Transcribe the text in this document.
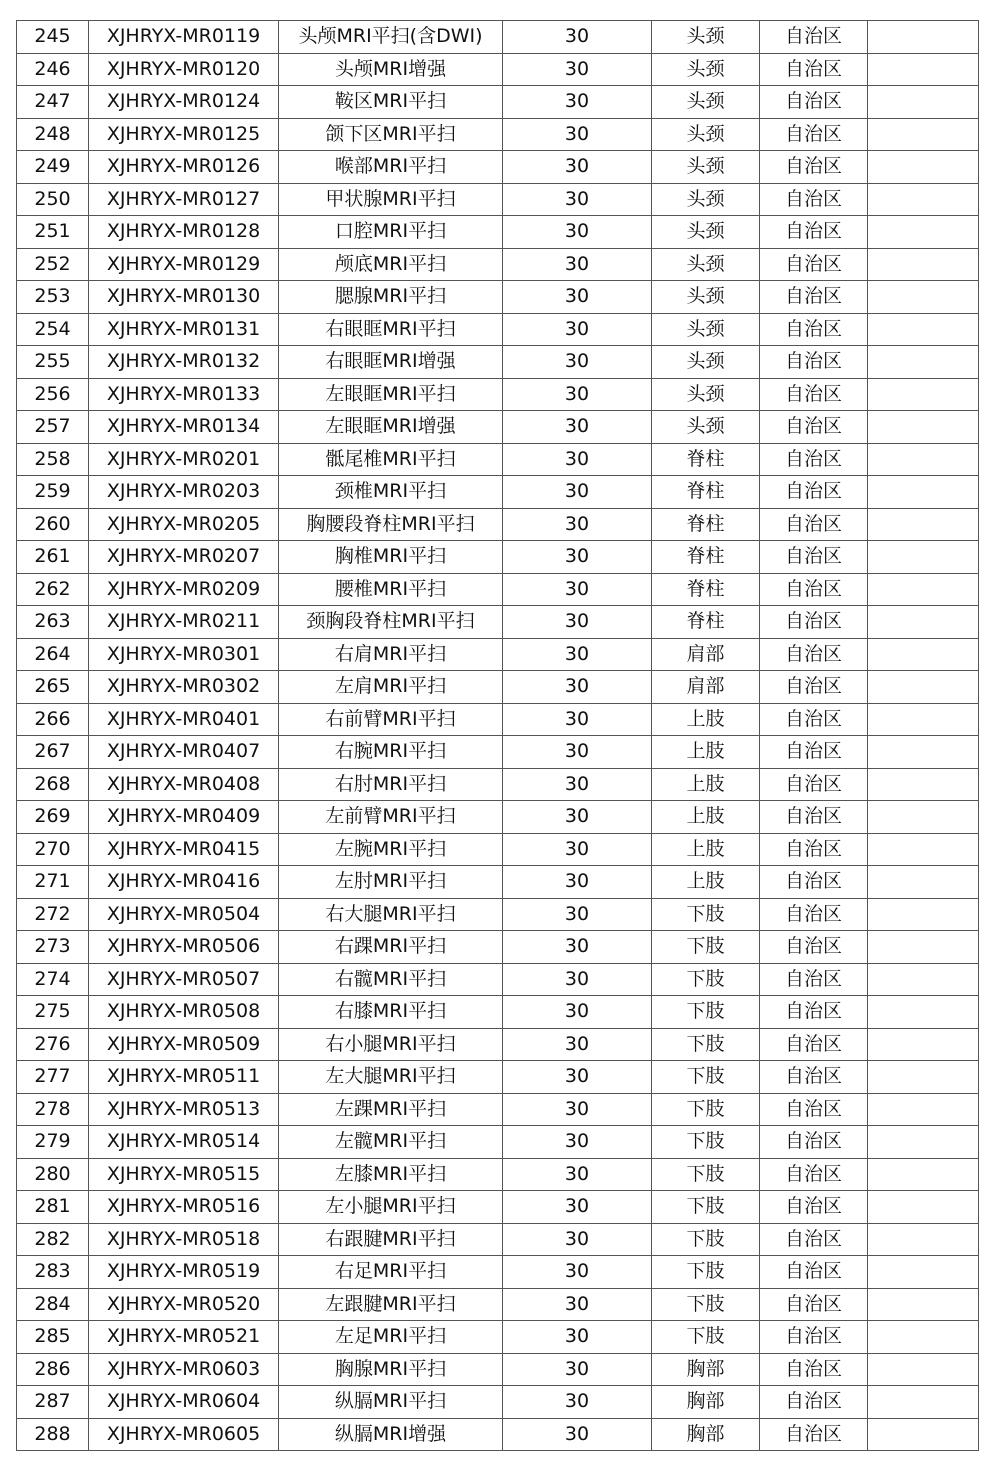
245	XJHRYX-MR0119	头颅MRI平扫(含DWI)	30	头颈	自治区	
246	XJHRYX-MR0120	头颅MRI增强	30	头颈	自治区	
247	XJHRYX-MR0124	鞍区MRI平扫	30	头颈	自治区	
248	XJHRYX-MR0125	颌下区MRI平扫	30	头颈	自治区	
249	XJHRYX-MR0126	喉部MRI平扫	30	头颈	自治区	
250	XJHRYX-MR0127	甲状腺MRI平扫	30	头颈	自治区	
251	XJHRYX-MR0128	口腔MRI平扫	30	头颈	自治区	
252	XJHRYX-MR0129	颅底MRI平扫	30	头颈	自治区	
253	XJHRYX-MR0130	腮腺MRI平扫	30	头颈	自治区	
254	XJHRYX-MR0131	右眼眶MRI平扫	30	头颈	自治区	
255	XJHRYX-MR0132	右眼眶MRI增强	30	头颈	自治区	
256	XJHRYX-MR0133	左眼眶MRI平扫	30	头颈	自治区	
257	XJHRYX-MR0134	左眼眶MRI增强	30	头颈	自治区	
258	XJHRYX-MR0201	骶尾椎MRI平扫	30	脊柱	自治区	
259	XJHRYX-MR0203	颈椎MRI平扫	30	脊柱	自治区	
260	XJHRYX-MR0205	胸腰段脊柱MRI平扫	30	脊柱	自治区	
261	XJHRYX-MR0207	胸椎MRI平扫	30	脊柱	自治区	
262	XJHRYX-MR0209	腰椎MRI平扫	30	脊柱	自治区	
263	XJHRYX-MR0211	颈胸段脊柱MRI平扫	30	脊柱	自治区	
264	XJHRYX-MR0301	右肩MRI平扫	30	肩部	自治区	
265	XJHRYX-MR0302	左肩MRI平扫	30	肩部	自治区	
266	XJHRYX-MR0401	右前臂MRI平扫	30	上肢	自治区	
267	XJHRYX-MR0407	右腕MRI平扫	30	上肢	自治区	
268	XJHRYX-MR0408	右肘MRI平扫	30	上肢	自治区	
269	XJHRYX-MR0409	左前臂MRI平扫	30	上肢	自治区	
270	XJHRYX-MR0415	左腕MRI平扫	30	上肢	自治区	
271	XJHRYX-MR0416	左肘MRI平扫	30	上肢	自治区	
272	XJHRYX-MR0504	右大腿MRI平扫	30	下肢	自治区	
273	XJHRYX-MR0506	右踝MRI平扫	30	下肢	自治区	
274	XJHRYX-MR0507	右髋MRI平扫	30	下肢	自治区	
275	XJHRYX-MR0508	右膝MRI平扫	30	下肢	自治区	
276	XJHRYX-MR0509	右小腿MRI平扫	30	下肢	自治区	
277	XJHRYX-MR0511	左大腿MRI平扫	30	下肢	自治区	
278	XJHRYX-MR0513	左踝MRI平扫	30	下肢	自治区	
279	XJHRYX-MR0514	左髋MRI平扫	30	下肢	自治区	
280	XJHRYX-MR0515	左膝MRI平扫	30	下肢	自治区	
281	XJHRYX-MR0516	左小腿MRI平扫	30	下肢	自治区	
282	XJHRYX-MR0518	右跟腱MRI平扫	30	下肢	自治区	
283	XJHRYX-MR0519	右足MRI平扫	30	下肢	自治区	
284	XJHRYX-MR0520	左跟腱MRI平扫	30	下肢	自治区	
285	XJHRYX-MR0521	左足MRI平扫	30	下肢	自治区	
286	XJHRYX-MR0603	胸腺MRI平扫	30	胸部	自治区	
287	XJHRYX-MR0604	纵膈MRI平扫	30	胸部	自治区	
288	XJHRYX-MR0605	纵膈MRI增强	30	胸部	自治区	
